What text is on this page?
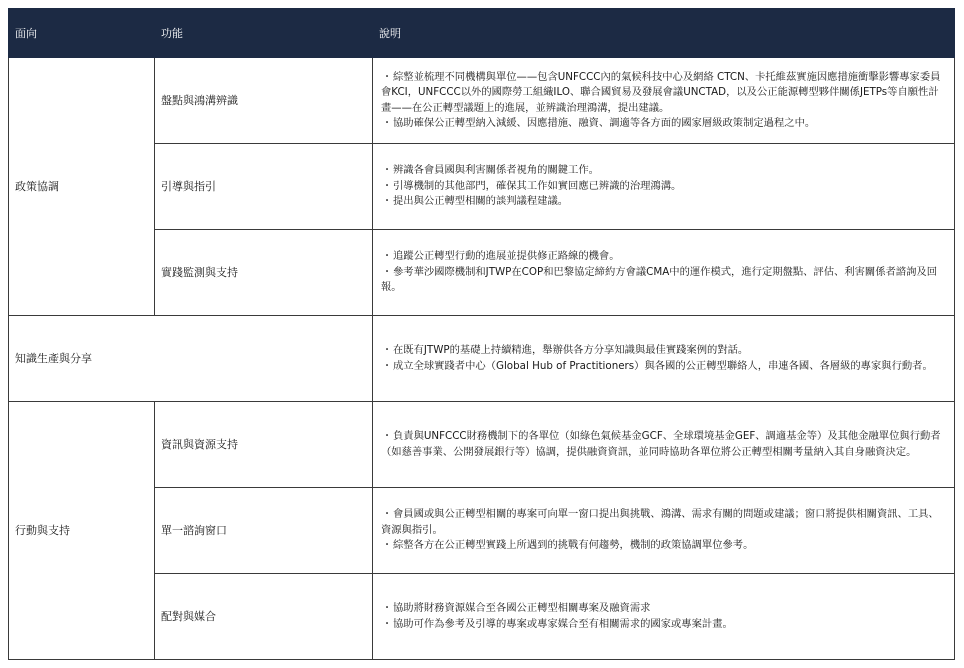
面向	功能	說明
政策協調	盤點與鴻溝辨識	・綜整並梳理不同機構與單位——包含UNFCCC內的氣候科技中心及網絡 CTCN、卡托維茲實施因應措施衝擊影響專家委員會KCI，UNFCCC以外的國際勞工組織ILO、聯合國貿易及發展會議UNCTAD，以及公正能源轉型夥伴關係JETPs等自願性計畫——在公正轉型議題上的進展，並辨識治理鴻溝，提出建議。
・協助確保公正轉型納入減緩、因應措施、融資、調適等各方面的國家層級政策制定過程之中。

	引導與指引	・辨識各會員國與利害關係者視角的關鍵工作。
・引導機制的其他部門，確保其工作如實回應已辨識的治理鴻溝。
・提出與公正轉型相關的談判議程建議。

	實踐監測與支持	・追蹤公正轉型行動的進展並提供修正路線的機會。
・參考華沙國際機制和JTWP在COP和巴黎協定締約方會議CMA中的運作模式，進行定期盤點、評估、利害關係者諮詢及回報。

知識生產與分享		・在既有JTWP的基礎上持續精進，舉辦供各方分享知識與最佳實踐案例的對話。
・成立全球實踐者中心（Global Hub of Practitioners）與各國的公正轉型聯絡人，串連各國、各層級的專家與行動者。

行動與支持	資訊與資源支持	・負責與UNFCCC財務機制下的各單位（如綠色氣候基金GCF、全球環境基金GEF、調適基金等）及其他金融單位與行動者（如慈善事業、公開發展銀行等）協調，提供融資資訊，並同時協助各單位將公正轉型相關考量納入其自身融資決定。

	單一諮詢窗口	・會員國或與公正轉型相關的專案可向單一窗口提出與挑戰、鴻溝、需求有關的問題或建議；窗口將提供相關資訊、工具、資源與指引。
・綜整各方在公正轉型實踐上所遇到的挑戰有何趨勢，機制的政策協調單位參考。

	配對與媒合	・協助將財務資源媒合至各國公正轉型相關專案及融資需求
・協助可作為參考及引導的專案或專家媒合至有相關需求的國家或專案計畫。
